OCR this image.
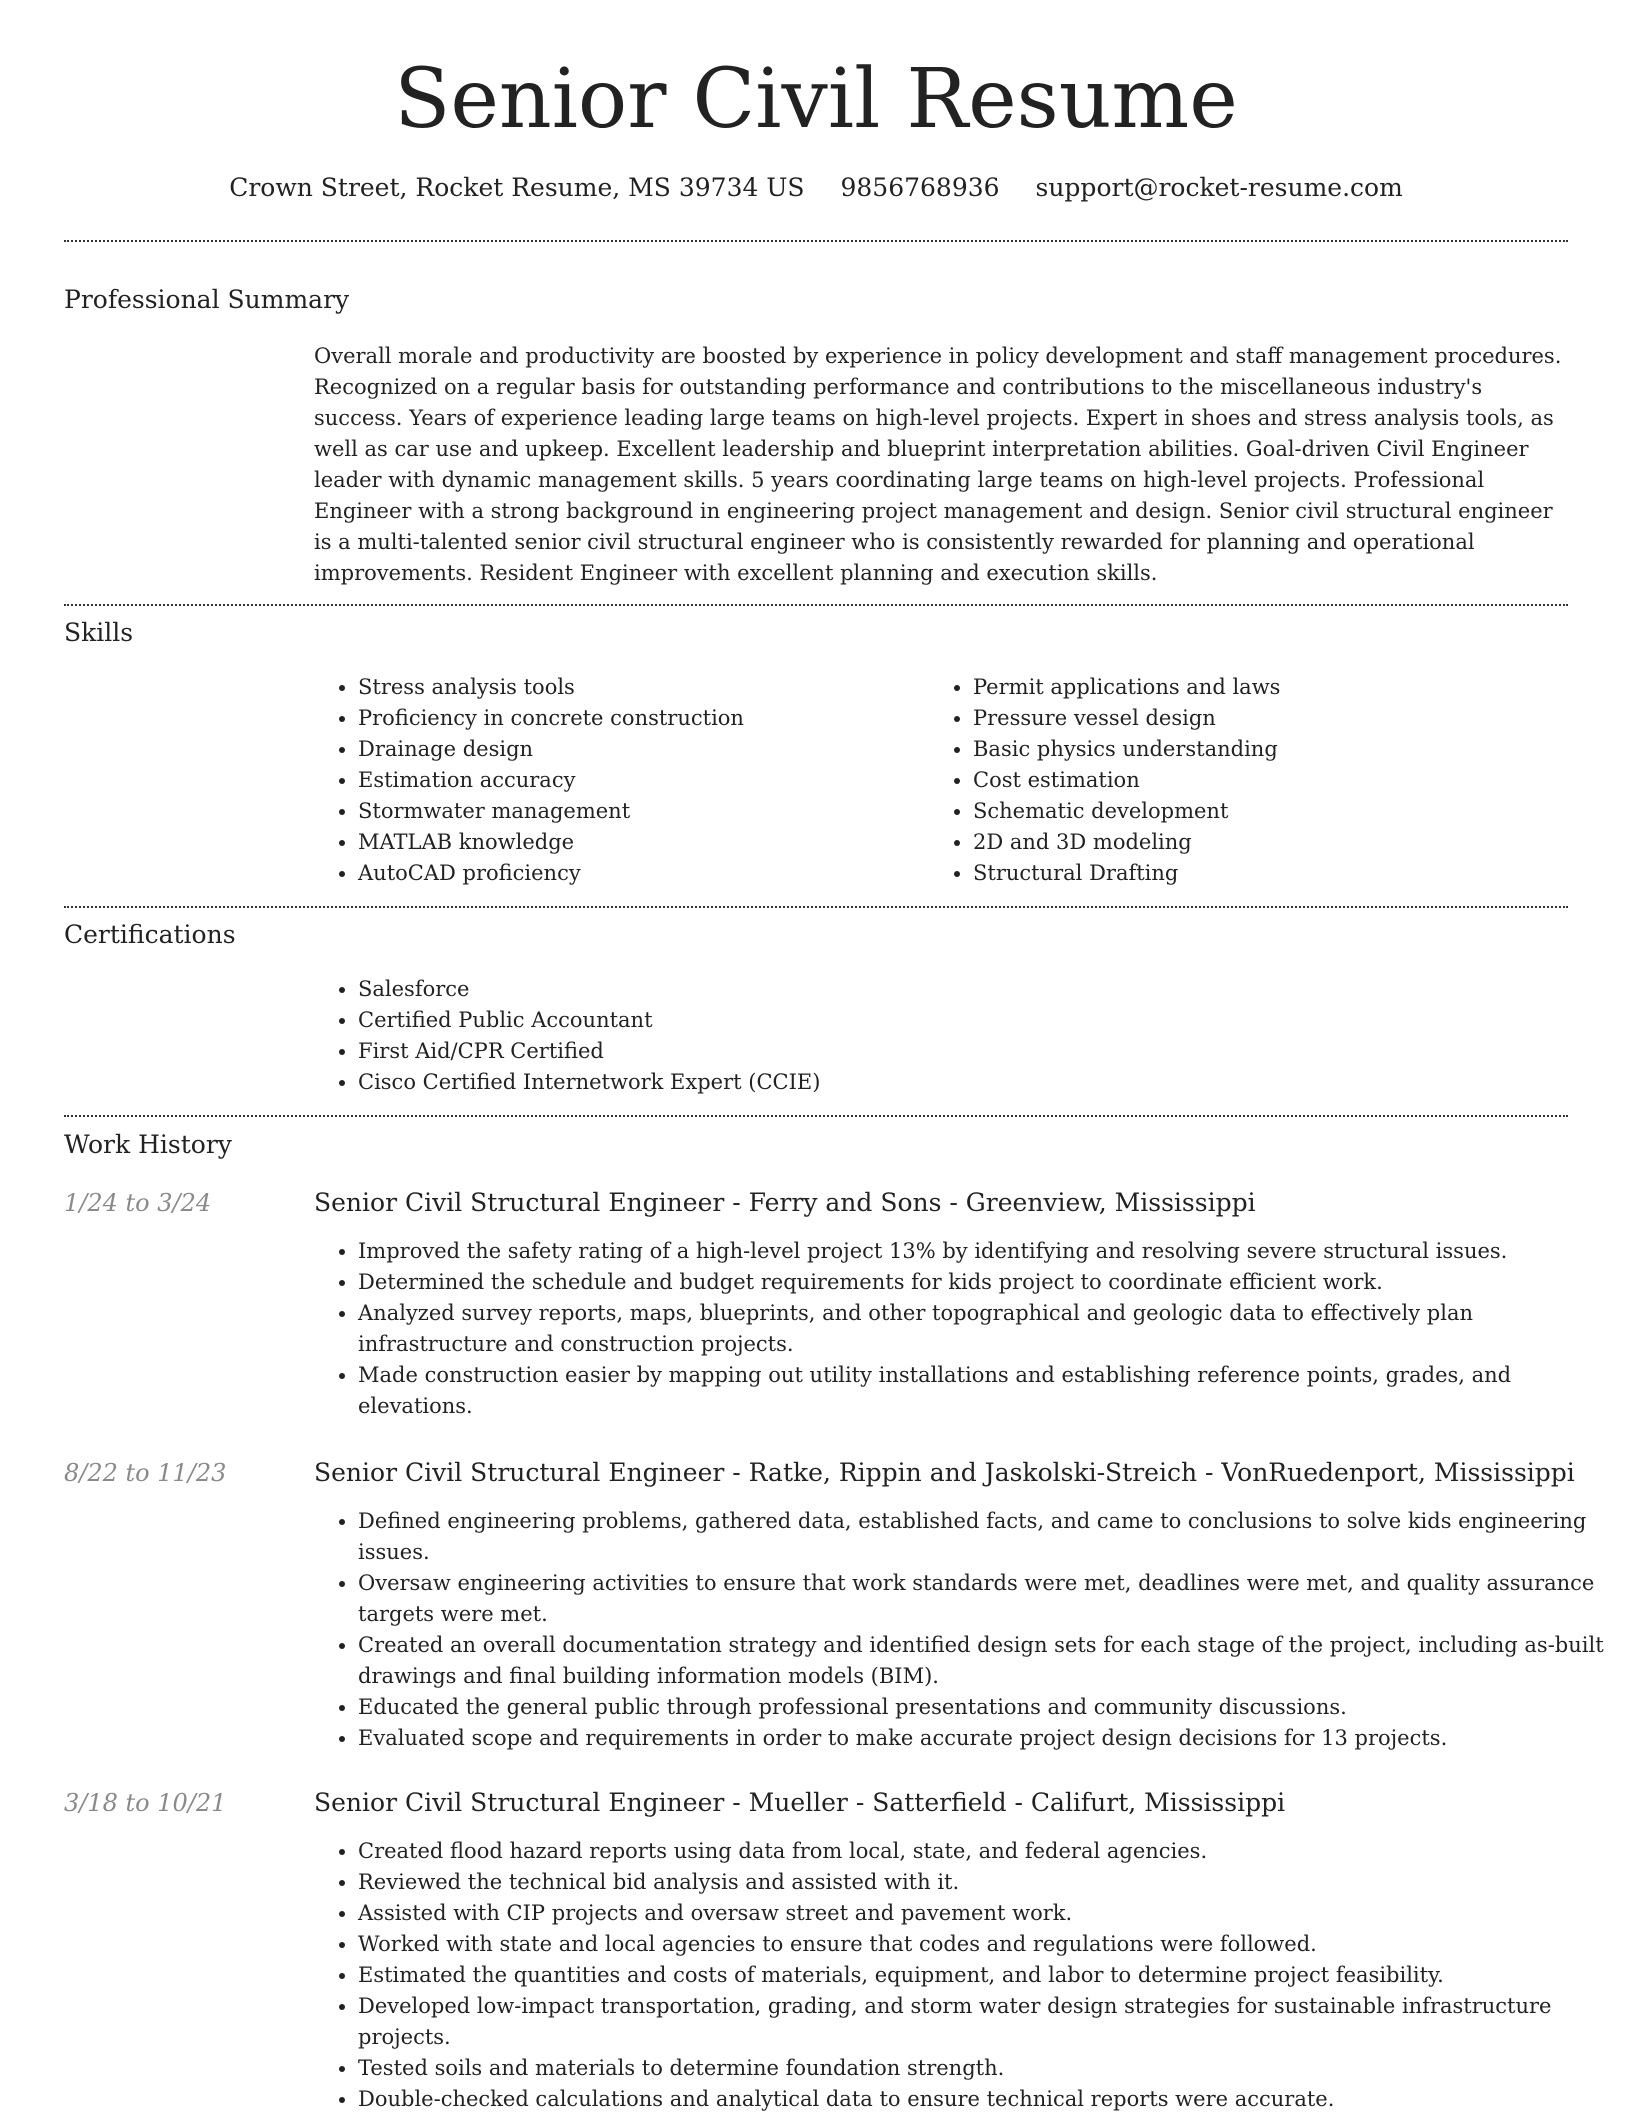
Senior Civil Resume
Crown Street, Rocket Resume, MS 39734 US 9856768936 support@rocket-resume.com
Professional Summary

Overall morale and productivity are boosted by experience in policy development and staff management procedures. Recognized on a regular basis for outstanding performance and contributions to the miscellaneous industry's success. Years of experience leading large teams on high-level projects. Expert in shoes and stress analysis tools, as well as car use and upkeep. Excellent leadership and blueprint interpretation abilities. Goal-driven Civil Engineer leader with dynamic management skills. 5 years coordinating large teams on high-level projects. Professional Engineer with a strong background in engineering project management and design. Senior civil structural engineer is a multi-talented senior civil structural engineer who is consistently rewarded for planning and operational improvements. Resident Engineer with excellent planning and execution skills.

Skills
• Stress analysis tools
• Proficiency in concrete construction
• Drainage design
• Estimation accuracy
• Stormwater management
• MATLAB knowledge
• AutoCAD proficiency
• Permit applications and laws
• Pressure vessel design
• Basic physics understanding
• Cost estimation
• Schematic development
• 2D and 3D modeling
• Structural Drafting
Certifications
• Salesforce
• Certified Public Accountant
• First Aid/CPR Certified
• Cisco Certified Internetwork Expert (CCIE)
Work History
1/24 to 3/24	Senior Civil Structural Engineer - Ferry and Sons - Greenview, Mississippi
• Improved the safety rating of a high-level project 13% by identifying and resolving severe structural issues.
• Determined the schedule and budget requirements for kids project to coordinate efficient work.
• Analyzed survey reports, maps, blueprints, and other topographical and geologic data to effectively plan infrastructure and construction projects.
• Made construction easier by mapping out utility installations and establishing reference points, grades, and elevations.
8/22 to 11/23	Senior Civil Structural Engineer - Ratke, Rippin and Jaskolski-Streich - VonRuedenport, Mississippi
• Defined engineering problems, gathered data, established facts, and came to conclusions to solve kids engineering issues.
• Oversaw engineering activities to ensure that work standards were met, deadlines were met, and quality assurance targets were met.
• Created an overall documentation strategy and identified design sets for each stage of the project, including as-built drawings and final building information models (BIM).
• Educated the general public through professional presentations and community discussions.
• Evaluated scope and requirements in order to make accurate project design decisions for 13 projects.
3/18 to 10/21	Senior Civil Structural Engineer - Mueller - Satterfield - Califurt, Mississippi
• Created flood hazard reports using data from local, state, and federal agencies.
• Reviewed the technical bid analysis and assisted with it.
• Assisted with CIP projects and oversaw street and pavement work.
• Worked with state and local agencies to ensure that codes and regulations were followed.
• Estimated the quantities and costs of materials, equipment, and labor to determine project feasibility.
• Developed low-impact transportation, grading, and storm water design strategies for sustainable infrastructure projects.
• Tested soils and materials to determine foundation strength.
• Double-checked calculations and analytical data to ensure technical reports were accurate.
